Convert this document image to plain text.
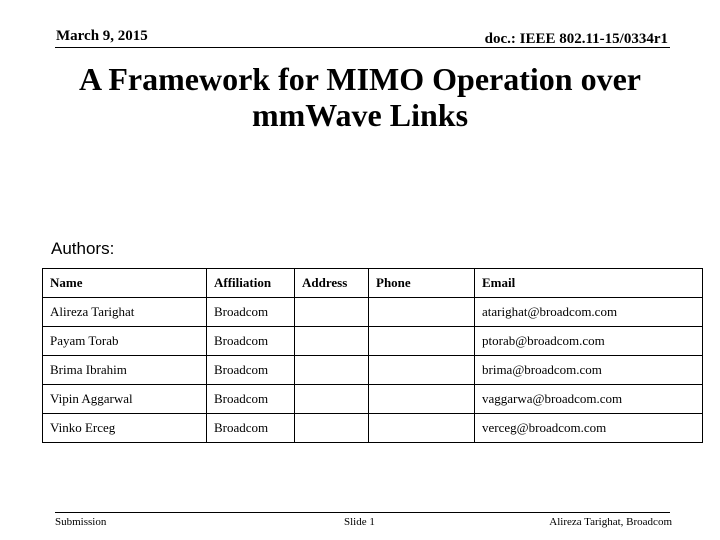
March 9, 2015	doc.: IEEE 802.11-15/0334r1
A Framework for MIMO Operation over
mmWave Links
Authors:
Name	Affiliation	Address	Phone	Email
Alireza Tarighat	Broadcom			atarighat@broadcom.com
Payam Torab	Broadcom			ptorab@broadcom.com
Brima Ibrahim	Broadcom			brima@broadcom.com
Vipin Aggarwal	Broadcom			vaggarwa@broadcom.com
Vinko Erceg	Broadcom			verceg@broadcom.com
Submission	Slide 1	Alireza Tarighat, Broadcom
